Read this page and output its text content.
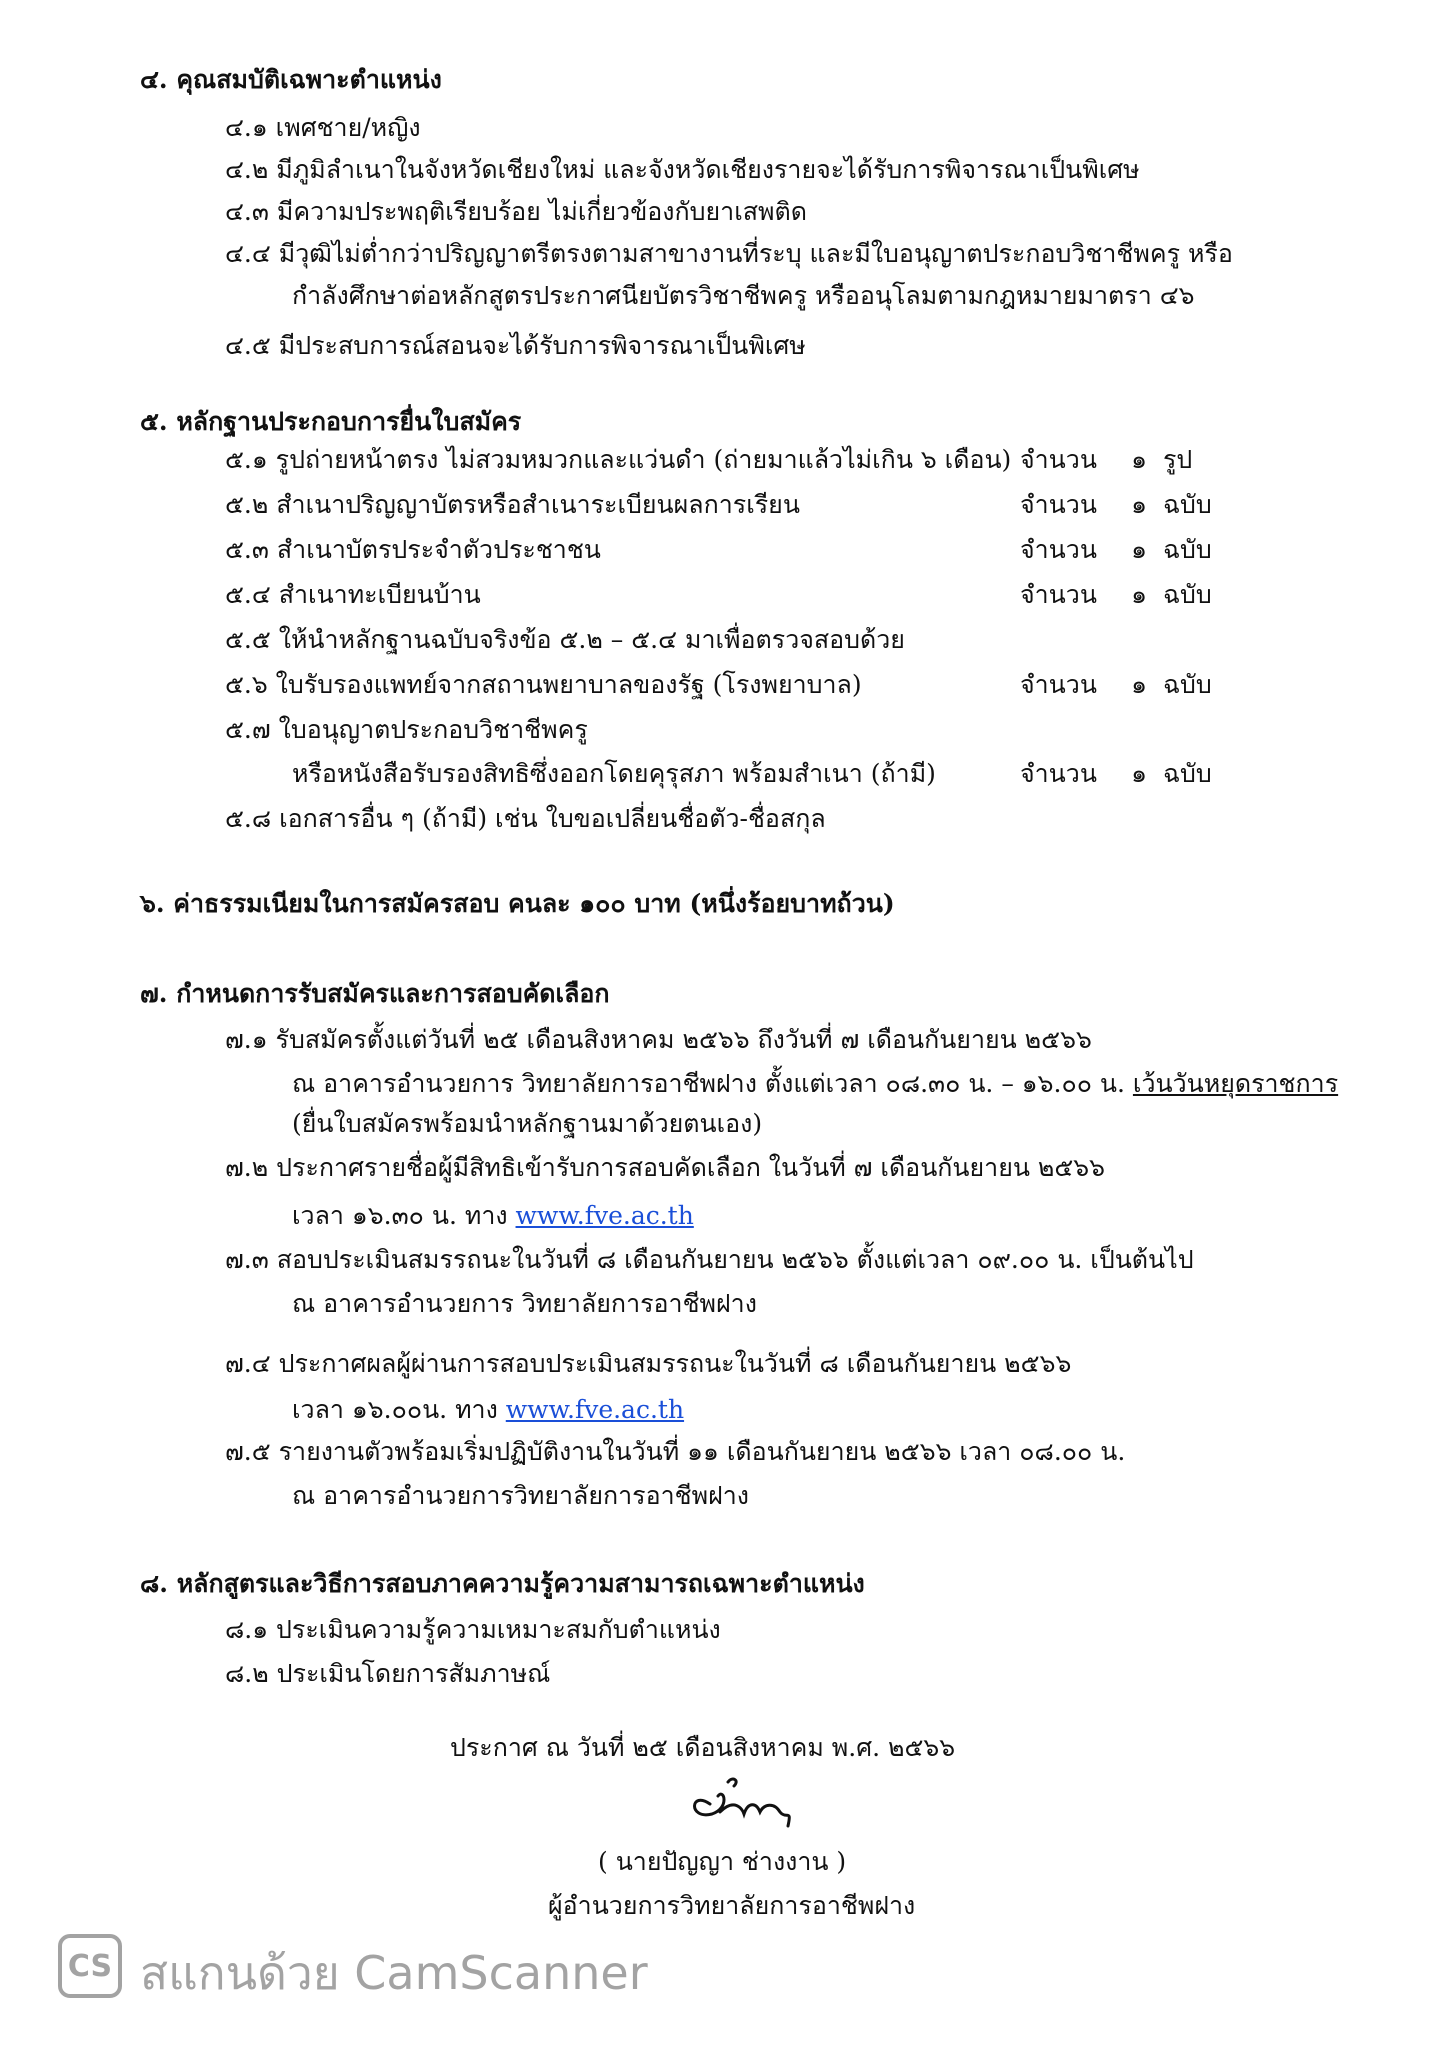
๔. คุณสมบัติเฉพาะตำแหน่ง
๔.๑ เพศชาย/หญิง
๔.๒ มีภูมิลำเนาในจังหวัดเชียงใหม่ และจังหวัดเชียงรายจะได้รับการพิจารณาเป็นพิเศษ
๔.๓ มีความประพฤติเรียบร้อย ไม่เกี่ยวข้องกับยาเสพติด
๔.๔ มีวุฒิไม่ต่ำกว่าปริญญาตรีตรงตามสาขางานที่ระบุ และมีใบอนุญาตประกอบวิชาชีพครู หรือ
กำลังศึกษาต่อหลักสูตรประกาศนียบัตรวิชาชีพครู หรืออนุโลมตามกฎหมายมาตรา ๔๖
๔.๕ มีประสบการณ์สอนจะได้รับการพิจารณาเป็นพิเศษ
๕. หลักฐานประกอบการยื่นใบสมัคร
๕.๑ รูปถ่ายหน้าตรง ไม่สวมหมวกและแว่นดำ (ถ่ายมาแล้วไม่เกิน ๖ เดือน)
๕.๒ สำเนาปริญญาบัตรหรือสำเนาระเบียนผลการเรียน
๕.๓ สำเนาบัตรประจำตัวประชาชน
๕.๔ สำเนาทะเบียนบ้าน
๕.๕ ให้นำหลักฐานฉบับจริงข้อ ๕.๒ – ๕.๔ มาเพื่อตรวจสอบด้วย
๕.๖ ใบรับรองแพทย์จากสถานพยาบาลของรัฐ (โรงพยาบาล)
๕.๗ ใบอนุญาตประกอบวิชาชีพครู
หรือหนังสือรับรองสิทธิซึ่งออกโดยคุรุสภา พร้อมสำเนา (ถ้ามี)
๕.๘ เอกสารอื่น ๆ (ถ้ามี) เช่น ใบขอเปลี่ยนชื่อตัว-ชื่อสกุล
จำนวน ๑ รูป
จำนวน ๑ ฉบับ
จำนวน ๑ ฉบับ
จำนวน ๑ ฉบับ
จำนวน ๑ ฉบับ
จำนวน ๑ ฉบับ
๖. ค่าธรรมเนียมในการสมัครสอบ คนละ ๑๐๐ บาท (หนึ่งร้อยบาทถ้วน)
๗. กำหนดการรับสมัครและการสอบคัดเลือก
๗.๑ รับสมัครตั้งแต่วันที่ ๒๕ เดือนสิงหาคม ๒๕๖๖ ถึงวันที่ ๗ เดือนกันยายน ๒๕๖๖
ณ อาคารอำนวยการ วิทยาลัยการอาชีพฝาง ตั้งแต่เวลา ๐๘.๓๐ น. – ๑๖.๐๐ น. เว้นวันหยุดราชการ
(ยื่นใบสมัครพร้อมนำหลักฐานมาด้วยตนเอง)
๗.๒ ประกาศรายชื่อผู้มีสิทธิเข้ารับการสอบคัดเลือก ในวันที่ ๗ เดือนกันยายน ๒๕๖๖
เวลา ๑๖.๓๐ น. ทาง www.fve.ac.th
๗.๓ สอบประเมินสมรรถนะในวันที่ ๘ เดือนกันยายน ๒๕๖๖ ตั้งแต่เวลา ๐๙.๐๐ น. เป็นต้นไป
ณ อาคารอำนวยการ วิทยาลัยการอาชีพฝาง
๗.๔ ประกาศผลผู้ผ่านการสอบประเมินสมรรถนะในวันที่ ๘ เดือนกันยายน ๒๕๖๖
เวลา ๑๖.๐๐น. ทาง www.fve.ac.th
๗.๕ รายงานตัวพร้อมเริ่มปฏิบัติงานในวันที่ ๑๑ เดือนกันยายน ๒๕๖๖ เวลา ๐๘.๐๐ น.
ณ อาคารอำนวยการวิทยาลัยการอาชีพฝาง
๘. หลักสูตรและวิธีการสอบภาคความรู้ความสามารถเฉพาะตำแหน่ง
๘.๑ ประเมินความรู้ความเหมาะสมกับตำแหน่ง
๘.๒ ประเมินโดยการสัมภาษณ์
ประกาศ ณ วันที่ ๒๕ เดือนสิงหาคม พ.ศ. ๒๕๖๖
( นายปัญญา ช่างงาน )
ผู้อำนวยการวิทยาลัยการอาชีพฝาง
CS สแกนด้วย CamScanner
